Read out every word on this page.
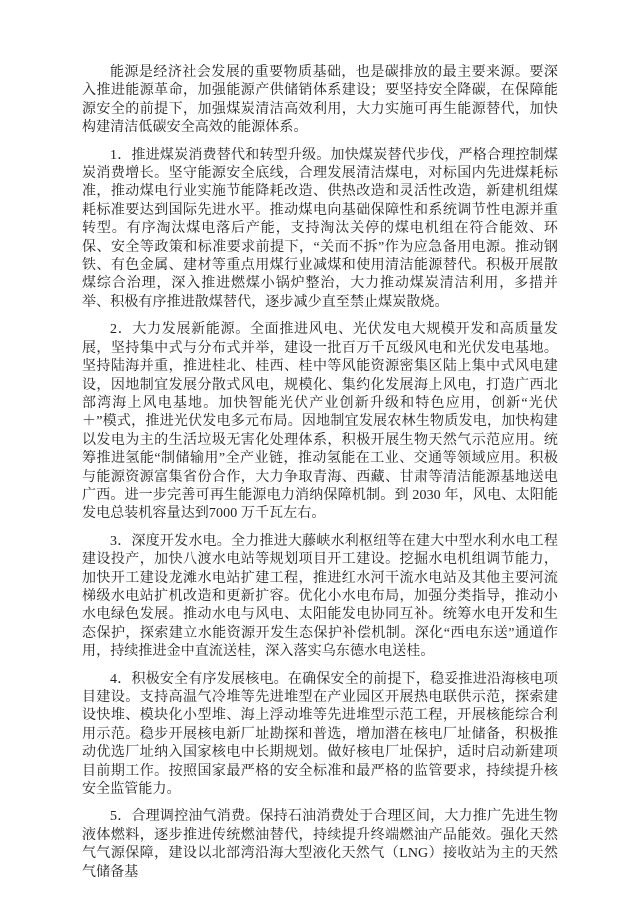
能源是经济社会发展的重要物质基础，也是碳排放的最主要来源。要深入推进能源革命，加强能源产供储销体系建设；要坚持安全降碳，在保障能源安全的前提下，加强煤炭清洁高效利用，大力实施可再生能源替代，加快构建清洁低碳安全高效的能源体系。

1．推进煤炭消费替代和转型升级。加快煤炭替代步伐，严格合理控制煤炭消费增长。坚守能源安全底线，合理发展清洁煤电，对标国内先进煤耗标准，推动煤电行业实施节能降耗改造、供热改造和灵活性改造，新建机组煤耗标准要达到国际先进水平。推动煤电向基础保障性和系统调节性电源并重转型。有序淘汰煤电落后产能，支持淘汰关停的煤电机组在符合能效、环保、安全等政策和标准要求前提下，“关而不拆”作为应急备用电源。推动钢铁、有色金属、建材等重点用煤行业减煤和使用清洁能源替代。积极开展散煤综合治理，深入推进燃煤小锅炉整治，大力推动煤炭清洁利用，多措并举、积极有序推进散煤替代，逐步减少直至禁止煤炭散烧。

2．大力发展新能源。全面推进风电、光伏发电大规模开发和高质量发展，坚持集中式与分布式并举，建设一批百万千瓦级风电和光伏发电基地。坚持陆海并重，推进桂北、桂西、桂中等风能资源密集区陆上集中式风电建设，因地制宜发展分散式风电，规模化、集约化发展海上风电，打造广西北部湾海上风电基地。加快智能光伏产业创新升级和特色应用，创新“光伏＋”模式，推进光伏发电多元布局。因地制宜发展农林生物质发电，加快构建以发电为主的生活垃圾无害化处理体系，积极开展生物天然气示范应用。统筹推进氢能“制储输用”全产业链，推动氢能在工业、交通等领域应用。积极与能源资源富集省份合作，大力争取青海、西藏、甘肃等清洁能源基地送电广西。进一步完善可再生能源电力消纳保障机制。到 2030 年，风电、太阳能发电总装机容量达到7000 万千瓦左右。

3．深度开发水电。全力推进大藤峡水利枢纽等在建大中型水利水电工程建设投产，加快八渡水电站等规划项目开工建设。挖掘水电机组调节能力，加快开工建设龙滩水电站扩建工程，推进红水河干流水电站及其他主要河流梯级水电站扩机改造和更新扩容。优化小水电布局，加强分类指导，推动小水电绿色发展。推动水电与风电、太阳能发电协同互补。统筹水电开发和生态保护，探索建立水能资源开发生态保护补偿机制。深化“西电东送”通道作用，持续推进金中直流送桂，深入落实乌东德水电送桂。

4．积极安全有序发展核电。在确保安全的前提下，稳妥推进沿海核电项目建设。支持高温气冷堆等先进堆型在产业园区开展热电联供示范，探索建设快堆、模块化小型堆、海上浮动堆等先进堆型示范工程，开展核能综合利用示范。稳步开展核电新厂址勘探和普选，增加潜在核电厂址储备，积极推动优选厂址纳入国家核电中长期规划。做好核电厂址保护，适时启动新建项目前期工作。按照国家最严格的安全标准和最严格的监管要求，持续提升核安全监管能力。

5．合理调控油气消费。保持石油消费处于合理区间，大力推广先进生物液体燃料，逐步推进传统燃油替代，持续提升终端燃油产品能效。强化天然气气源保障，建设以北部湾沿海大型液化天然气（LNG）接收站为主的天然气储备基
